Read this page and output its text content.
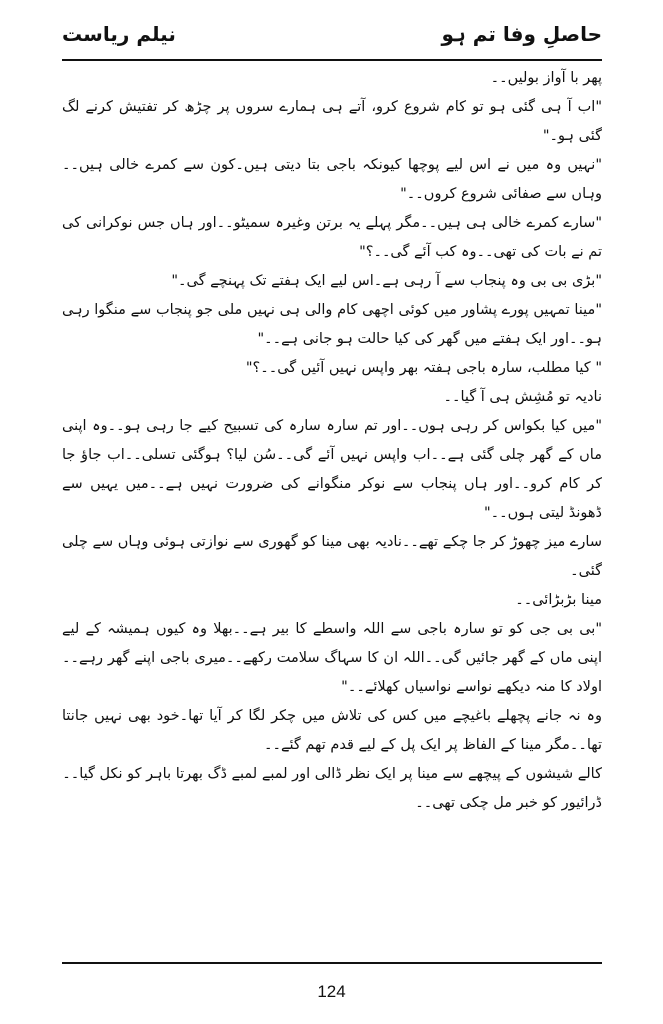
حاصلِ وفا تم ہو
نیلم ریاست

پھر با آواز بولیں۔۔

"اب آ ہی گئی ہو تو کام شروع کرو، آتے ہی ہمارے سروں پر چڑھ کر تفتیش کرنے لگ گئی ہو۔"

"نہیں وہ میں نے اس لیے پوچھا کیونکہ باجی بتا دیتی ہیں۔کون سے کمرے خالی ہیں۔۔وہاں سے صفائی شروع کروں۔۔"

"سارے کمرے خالی ہی ہیں۔۔مگر پہلے یہ برتن وغیرہ سمیٹو۔۔اور ہاں جس نوکرانی کی تم نے بات کی تھی۔۔وہ کب آئے گی۔۔؟"

"بڑی بی بی وہ پنجاب سے آ رہی ہے۔اس لیے ایک ہفتے تک پہنچے گی۔"

"مینا تمہیں پورے پشاور میں کوئی اچھی کام والی ہی نہیں ملی جو پنجاب سے منگوا رہی ہو۔۔اور ایک ہفتے میں گھر کی کیا حالت ہو جانی ہے۔۔"

" کیا مطلب، سارہ باجی ہفتہ بھر واپس نہیں آئیں گی۔۔؟"

نادیہ تو مُشِش ہی آ گیا۔۔

"میں کیا بکواس کر رہی ہوں۔۔اور تم سارہ سارہ کی تسبیح کیے جا رہی ہو۔۔وہ اپنی ماں کے گھر چلی گئی ہے۔۔اب واپس نہیں آئے گی۔۔سُن لیا؟ ہوگئی تسلی۔۔اب جاؤ جا کر کام کرو۔۔اور ہاں پنجاب سے نوکر منگوانے کی ضرورت نہیں ہے۔۔میں یہیں سے ڈھونڈ لیتی ہوں۔۔"

سارے میز چھوڑ کر جا چکے تھے۔۔نادیہ بھی مینا کو گھوری سے نوازتی ہوئی وہاں سے چلی گئی۔

مینا بڑبڑائی۔۔

"بی بی جی کو تو سارہ باجی سے اللہ واسطے کا بیر ہے۔۔بھلا وہ کیوں ہمیشہ کے لیے اپنی ماں کے گھر جائیں گی۔۔اللہ ان کا سہاگ سلامت رکھے۔۔میری باجی اپنے گھر رہے۔۔اولاد کا منہ دیکھے نواسے نواسیاں کھلائے۔۔"

وہ نہ جانے پچھلے باغیچے میں کس کی تلاش میں چکر لگا کر آیا تھا۔خود بھی نہیں جانتا تھا۔۔مگر مینا کے الفاظ پر ایک پل کے لیے قدم تھم گئے۔۔

کالے شیشوں کے پیچھے سے مینا پر ایک نظر ڈالی اور لمبے لمبے ڈگ بھرتا باہر کو نکل گیا۔۔

ڈرائیور کو خبر مل چکی تھی۔۔

124
